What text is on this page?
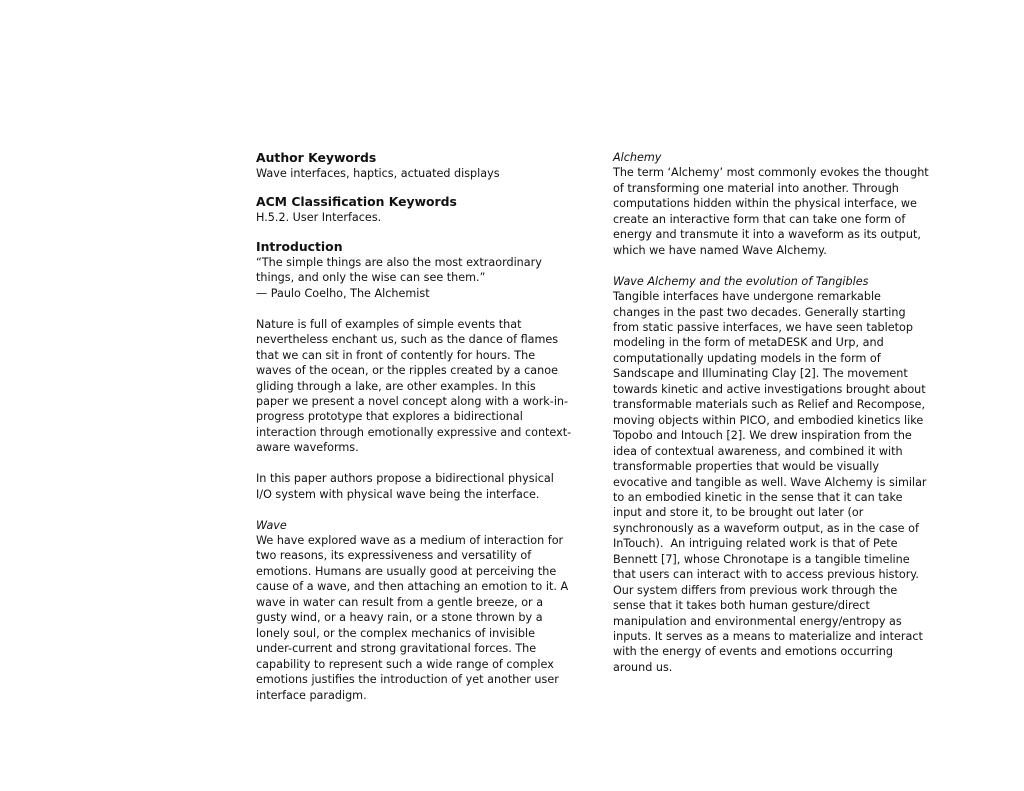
Author Keywords
Wave interfaces, haptics, actuated displays
ACM Classification Keywords
H.5.2. User Interfaces.
Introduction
“The simple things are also the most extraordinary
things, and only the wise can see them.”
— Paulo Coelho, The Alchemist
Nature is full of examples of simple events that
nevertheless enchant us, such as the dance of flames
that we can sit in front of contently for hours. The
waves of the ocean, or the ripples created by a canoe
gliding through a lake, are other examples. In this
paper we present a novel concept along with a work-in-
progress prototype that explores a bidirectional
interaction through emotionally expressive and context-
aware waveforms.
In this paper authors propose a bidirectional physical
I/O system with physical wave being the interface.
Wave
We have explored wave as a medium of interaction for
two reasons, its expressiveness and versatility of
emotions. Humans are usually good at perceiving the
cause of a wave, and then attaching an emotion to it. A
wave in water can result from a gentle breeze, or a
gusty wind, or a heavy rain, or a stone thrown by a
lonely soul, or the complex mechanics of invisible
under-current and strong gravitational forces. The
capability to represent such a wide range of complex
emotions justifies the introduction of yet another user
interface paradigm.
Alchemy
The term ‘Alchemy’ most commonly evokes the thought
of transforming one material into another. Through
computations hidden within the physical interface, we
create an interactive form that can take one form of
energy and transmute it into a waveform as its output,
which we have named Wave Alchemy.
Wave Alchemy and the evolution of Tangibles
Tangible interfaces have undergone remarkable
changes in the past two decades. Generally starting
from static passive interfaces, we have seen tabletop
modeling in the form of metaDESK and Urp, and
computationally updating models in the form of
Sandscape and Illuminating Clay [2]. The movement
towards kinetic and active investigations brought about
transformable materials such as Relief and Recompose,
moving objects within PICO, and embodied kinetics like
Topobo and Intouch [2]. We drew inspiration from the
idea of contextual awareness, and combined it with
transformable properties that would be visually
evocative and tangible as well. Wave Alchemy is similar
to an embodied kinetic in the sense that it can take
input and store it, to be brought out later (or
synchronously as a waveform output, as in the case of
InTouch).  An intriguing related work is that of Pete
Bennett [7], whose Chronotape is a tangible timeline
that users can interact with to access previous history.
Our system differs from previous work through the
sense that it takes both human gesture/direct
manipulation and environmental energy/entropy as
inputs. It serves as a means to materialize and interact
with the energy of events and emotions occurring
around us.
